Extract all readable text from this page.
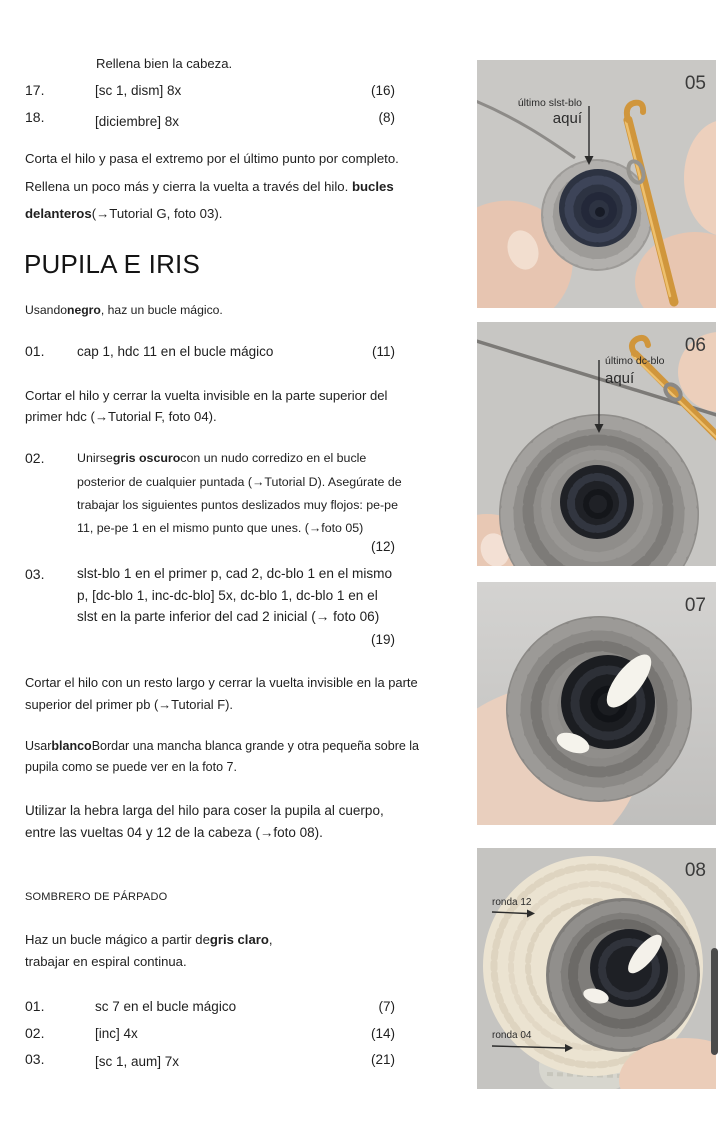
Rellena bien la cabeza.
17.	[sc 1, dism] 8x	(16)
18.	[diciembre] 8x	(8)
Corta el hilo y pasa el extremo por el último punto por completo.
Rellena un poco más y cierra la vuelta a través del hilo. bucles
delanteros(→Tutorial G, foto 03).
PUPILA E IRIS
Usandonegro, haz un bucle mágico.
01. cap 1, hdc 11 en el bucle mágico	(11)
Cortar el hilo y cerrar la vuelta invisible en la parte superior del
primer hdc (→Tutorial F, foto 04).
02.	Unirsegris oscurocon un nudo corredizo en el bucle
posterior de cualquier puntada (→Tutorial D). Asegúrate de
trabajar los siguientes puntos deslizados muy flojos: pe-pe
11, pe-pe 1 en el mismo punto que unes. (→foto 05)
(12)
03. slst-blo 1 en el primer p, cad 2, dc-blo 1 en el mismo
p, [dc-blo 1, inc-dc-blo] 5x, dc-blo 1, dc-blo 1 en el
slst en la parte inferior del cad 2 inicial (→ foto 06)
(19)
Cortar el hilo con un resto largo y cerrar la vuelta invisible en la parte
superior del primer pb (→Tutorial F).
UsarblancoBordar una mancha blanca grande y otra pequeña sobre la
pupila como se puede ver en la foto 7.
Utilizar la hebra larga del hilo para coser la pupila al cuerpo,
entre las vueltas 04 y 12 de la cabeza (→foto 08).
SOMBRERO DE PÁRPADO
Haz un bucle mágico a partir degris claro,
trabajar en espiral continua.
01.	sc 7 en el bucle mágico	(7)
02.	[inc] 4x	(14)
03.	[sc 1, aum] 7x	(21)
último slst-blo
aquí
05
último dc-blo
aquí
06
07
ronda 12
ronda 04
08
